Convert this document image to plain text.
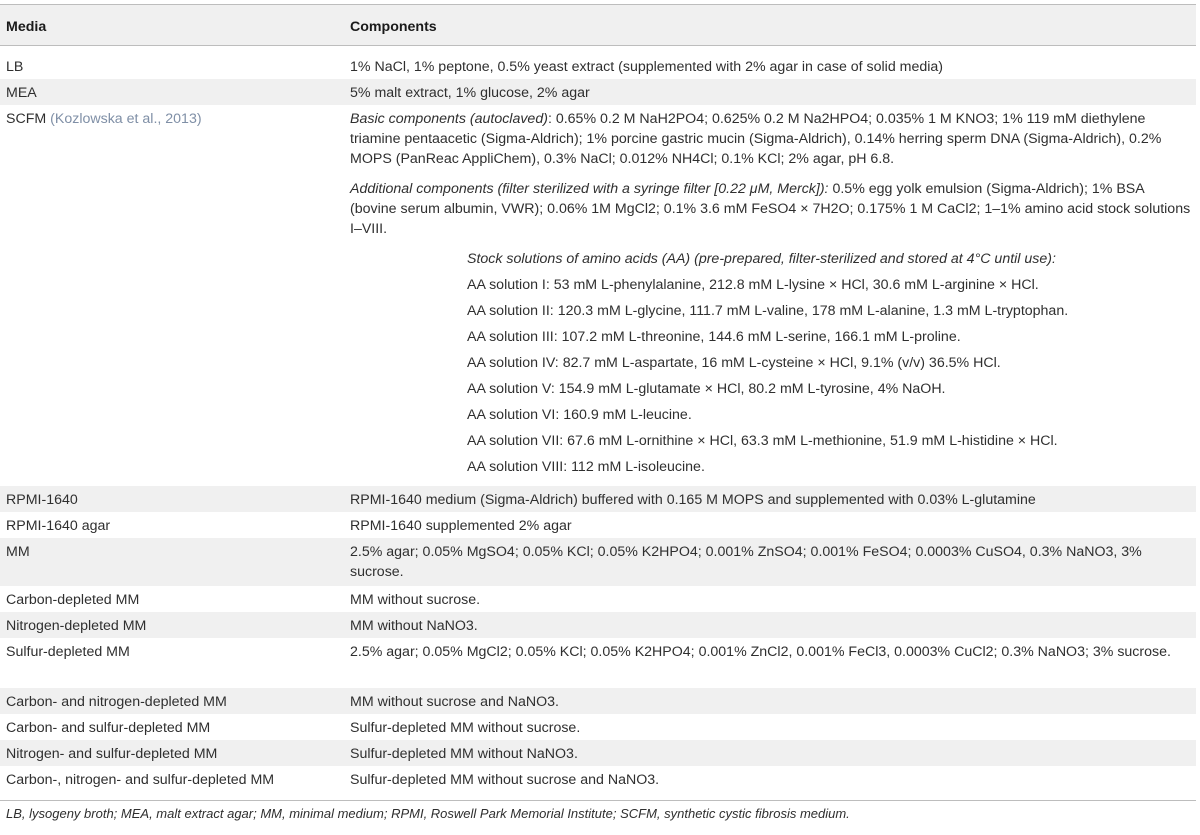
Media	Components
LB	1% NaCl, 1% peptone, 0.5% yeast extract (supplemented with 2% agar in case of solid media)
MEA	5% malt extract, 1% glucose, 2% agar
SCFM (Kozlowska et al., 2013)	Basic components (autoclaved): 0.65% 0.2 M NaH2PO4; 0.625% 0.2 M Na2HPO4; 0.035% 1 M KNO3; 1% 119 mM diethylene triamine pentaacetic (Sigma-Aldrich); 1% porcine gastric mucin (Sigma-Aldrich), 0.14% herring sperm DNA (Sigma-Aldrich), 0.2% MOPS (PanReac AppliChem), 0.3% NaCl; 0.012% NH4Cl; 0.1% KCl; 2% agar, pH 6.8.
Additional components (filter sterilized with a syringe filter [0.22 μM, Merck]): 0.5% egg yolk emulsion (Sigma-Aldrich); 1% BSA (bovine serum albumin, VWR); 0.06% 1M MgCl2; 0.1% 3.6 mM FeSO4 × 7H2O; 0.175% 1 M CaCl2; 1–1% amino acid stock solutions I–VIII.
Stock solutions of amino acids (AA) (pre-prepared, filter-sterilized and stored at 4°C until use):
AA solution I: 53 mM L-phenylalanine, 212.8 mM L-lysine × HCl, 30.6 mM L-arginine × HCl.
AA solution II: 120.3 mM L-glycine, 111.7 mM L-valine, 178 mM L-alanine, 1.3 mM L-tryptophan.
AA solution III: 107.2 mM L-threonine, 144.6 mM L-serine, 166.1 mM L-proline.
AA solution IV: 82.7 mM L-aspartate, 16 mM L-cysteine × HCl, 9.1% (v/v) 36.5% HCl.
AA solution V: 154.9 mM L-glutamate × HCl, 80.2 mM L-tyrosine, 4% NaOH.
AA solution VI: 160.9 mM L-leucine.
AA solution VII: 67.6 mM L-ornithine × HCl, 63.3 mM L-methionine, 51.9 mM L-histidine × HCl.
AA solution VIII: 112 mM L-isoleucine.
RPMI-1640	RPMI-1640 medium (Sigma-Aldrich) buffered with 0.165 M MOPS and supplemented with 0.03% L-glutamine
RPMI-1640 agar	RPMI-1640 supplemented 2% agar
MM	2.5% agar; 0.05% MgSO4; 0.05% KCl; 0.05% K2HPO4; 0.001% ZnSO4; 0.001% FeSO4; 0.0003% CuSO4, 0.3% NaNO3, 3% sucrose.
Carbon-depleted MM	MM without sucrose.
Nitrogen-depleted MM	MM without NaNO3.
Sulfur-depleted MM	2.5% agar; 0.05% MgCl2; 0.05% KCl; 0.05% K2HPO4; 0.001% ZnCl2, 0.001% FeCl3, 0.0003% CuCl2; 0.3% NaNO3; 3% sucrose.
Carbon- and nitrogen-depleted MM	MM without sucrose and NaNO3.
Carbon- and sulfur-depleted MM	Sulfur-depleted MM without sucrose.
Nitrogen- and sulfur-depleted MM	Sulfur-depleted MM without NaNO3.
Carbon-, nitrogen- and sulfur-depleted MM	Sulfur-depleted MM without sucrose and NaNO3.
LB, lysogeny broth; MEA, malt extract agar; MM, minimal medium; RPMI, Roswell Park Memorial Institute; SCFM, synthetic cystic fibrosis medium.
